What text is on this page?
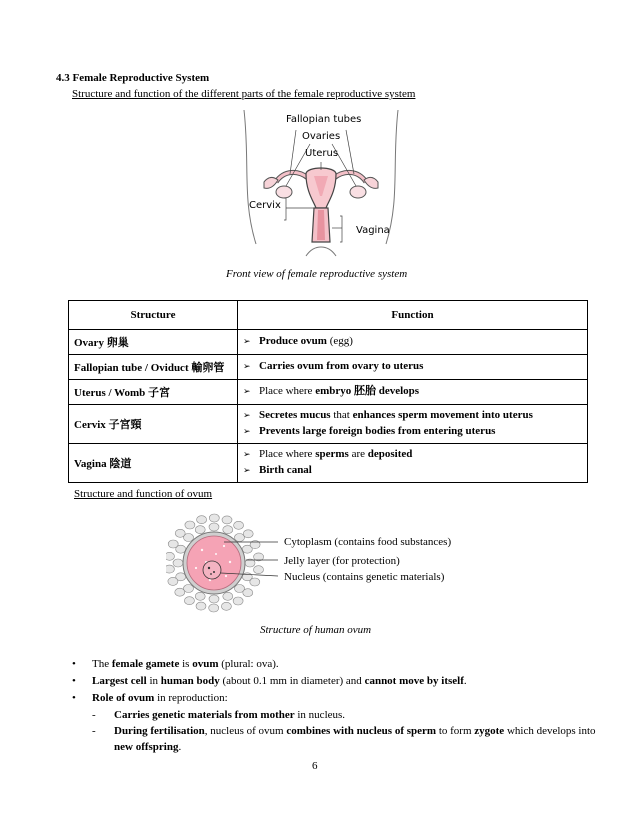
4.3 Female Reproductive System
Structure and function of the different parts of the female reproductive system
Fallopian tubes
Ovaries
Uterus
Cervix
Vagina
Front view of female reproductive system
Structure	Function
Ovary 卵巢	➢ Produce ovum (egg)

Fallopian tube / Oviduct 輸卵管	➢ Carries ovum from ovary to uterus

Uterus / Womb 子宮	➢ Place where embryo 胚胎 develops

Cervix 子宮頸	➢ Secretes mucus that enhances sperm movement into uterus
➢ Prevents large foreign bodies from entering uterus

Vagina 陰道	➢ Place where sperms are deposited
➢ Birth canal
Structure and function of ovum
Cytoplasm (contains food substances)
Jelly layer (for protection)
Nucleus (contains genetic materials)
Structure of human ovum
• The female gamete is ovum (plural: ova).
• Largest cell in human body (about 0.1 mm in diameter) and cannot move by itself.
• Role of ovum in reproduction:
- Carries genetic materials from mother in nucleus.
- During fertilisation, nucleus of ovum combines with nucleus of sperm to form zygote which develops into new offspring.
6
